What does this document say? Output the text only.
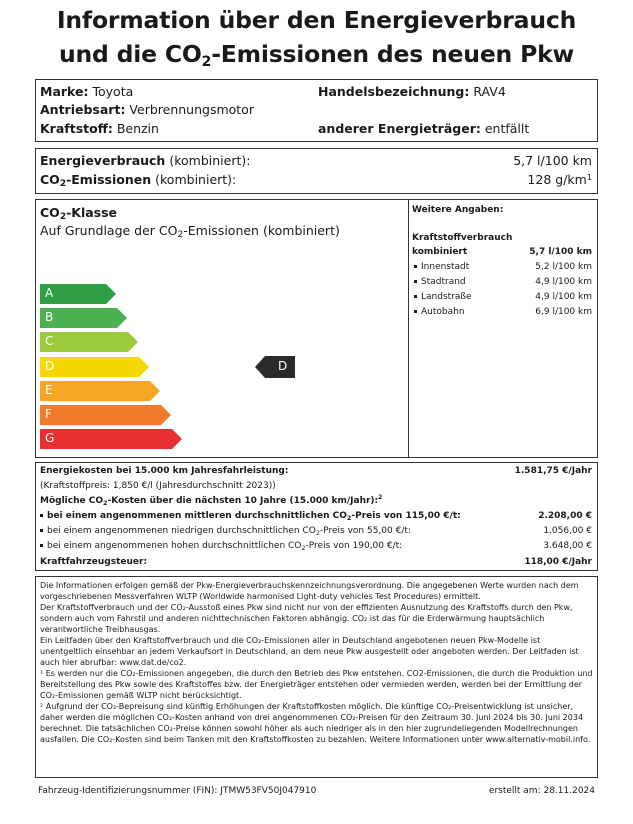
Information über den Energieverbrauch
und die $CO_2$-Emissionen des neuen Pkw
Marke: Toyota
Antriebsart: Verbrennungsmotor
Kraftstoff: Benzin
Handelsbezeichnung: RAV4
anderer Energieträger: entfällt
Energieverbrauch (kombiniert):	5,7 l/100 km
$CO_2$-Emissionen (kombiniert):	128 $g/km^1$
$CO_2$-Klasse
Auf Grundlage der $CO_2$-Emissionen (kombiniert)
A
B
C
D
E
F
G
D
Weitere Angaben:
Kraftstoffverbrauch
kombiniert	5,7 l/100 km
Innenstadt	5,2 l/100 km
Stadtrand	4,9 l/100 km
Landstraße	4,9 l/100 km
Autobahn	6,9 l/100 km
Energiekosten bei 15.000 km Jahresfahrleistung:	1.581,75 €/Jahr
(Kraftstoffpreis: 1,850 €/l (Jahresdurchschnitt 2023))
Mögliche $CO_2$-Kosten über die nächsten 10 Jahre (15.000 km/Jahr):$^2$
bei einem angenommenen mittleren durchschnittlichen $CO_2$-Preis von 115,00 €/t:	2.208,00 €
bei einem angenommenen niedrigen durchschnittlichen $CO_2$-Preis von 55,00 €/t:	1.056,00 €
bei einem angenommenen hohen durchschnittlichen $CO_2$-Preis von 190,00 €/t:	3.648,00 €
Kraftfahrzeugsteuer:	118,00 €/Jahr

Die Informationen erfolgen gemäß der Pkw-Energieverbrauchskennzeichnungsverordnung. Die angegebenen Werte wurden nach dem vorgeschriebenen Messverfahren WLTP (Worldwide harmonised Light-duty vehicles Test Procedures) ermittelt.

Der Kraftstoffverbrauch und der CO₂-Ausstoß eines Pkw sind nicht nur von der effizienten Ausnutzung des Kraftstoffs durch den Pkw, sondern auch vom Fahrstil und anderen nichttechnischen Faktoren abhängig. CO₂ ist das für die Erderwärmung hauptsächlich verantwortliche Treibhausgas.

Ein Leitfaden über den Kraftstoffverbrauch und die CO₂-Emissionen aller in Deutschland angebotenen neuen Pkw-Modelle ist unentgeltlich einsehbar an jedem Verkaufsort in Deutschland, an dem neue Pkw ausgestellt oder angeboten werden. Der Leitfaden ist auch hier abrufbar: www.dat.de/co2.

¹ Es werden nur die CO₂-Emissionen angegeben, die durch den Betrieb des Pkw entstehen. CO2-Emissionen, die durch die Produktion und Bereitstellung des Pkw sowie des Kraftstoffes bzw. der Energieträger entstehen oder vermieden werden, werden bei der Ermittlung der CO₂-Emissionen gemäß WLTP nicht berücksichtigt.

² Aufgrund der CO₂-Bepreisung sind künftig Erhöhungen der Kraftstoffkosten möglich. Die künftige CO₂-Preisentwicklung ist unsicher, daher werden die möglichen CO₂-Kosten anhand von drei angenommenen CO₂-Preisen für den Zeitraum 30. Juni 2024 bis 30. Juni 2034 berechnet. Die tatsächlichen CO₂-Preise können sowohl höher als auch niedriger als in den hier zugrundeliegenden Modellrechnungen ausfallen. Die CO₂-Kosten sind beim Tanken mit den Kraftstoffkosten zu bezahlen. Weitere Informationen unter www.alternativ-mobil.info.

Fahrzeug-Identifizierungsnummer (FIN): JTMW53FV50J047910	erstellt am: 28.11.2024
